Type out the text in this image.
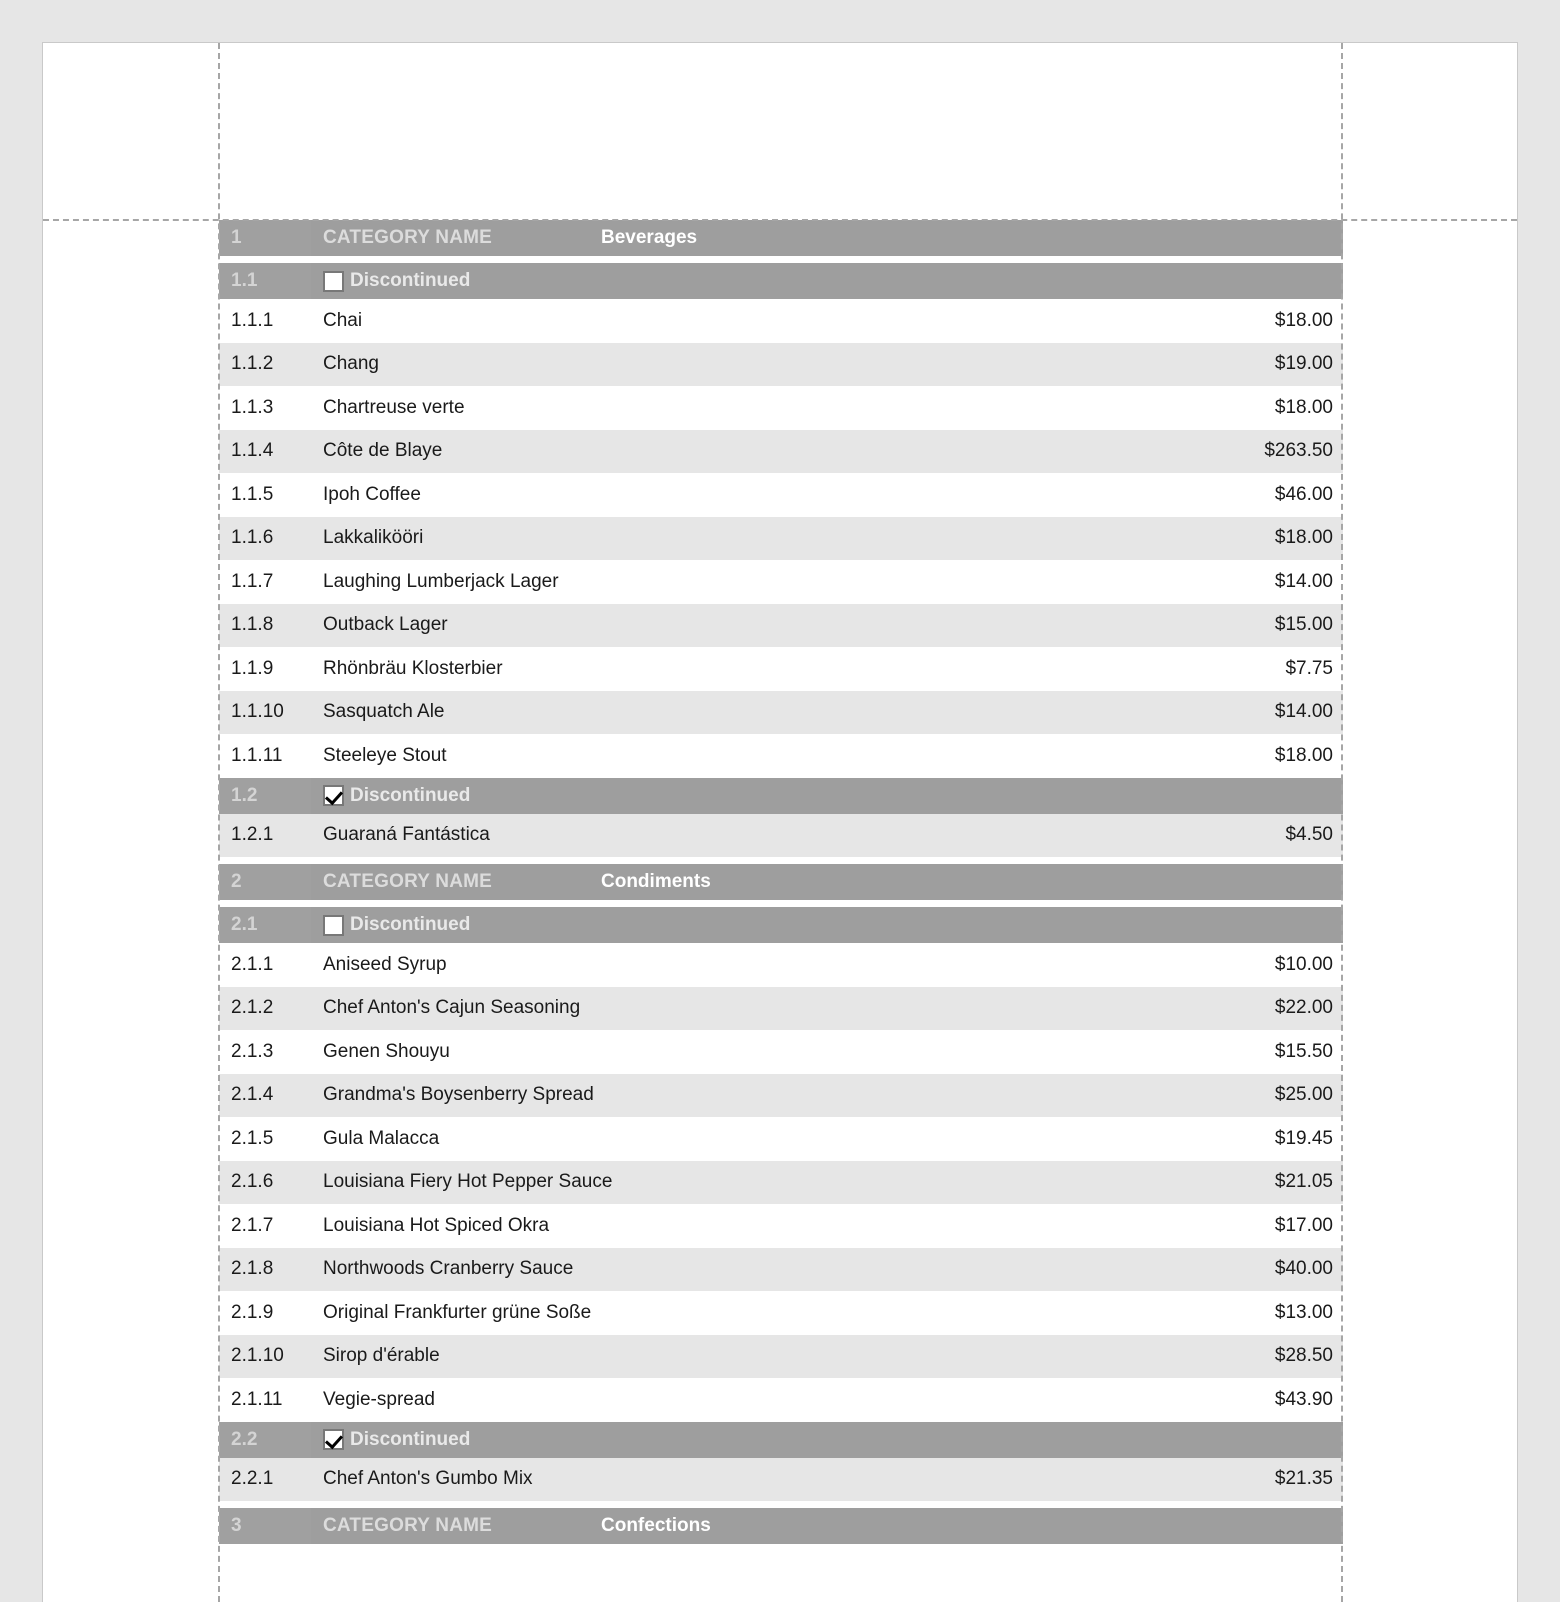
1	CATEGORY NAME	Beverages
1.1	Discontinued
1.1.1	Chai	$18.00
1.1.2	Chang	$19.00
1.1.3	Chartreuse verte	$18.00
1.1.4	Côte de Blaye	$263.50
1.1.5	Ipoh Coffee	$46.00
1.1.6	Lakkalikööri	$18.00
1.1.7	Laughing Lumberjack Lager	$14.00
1.1.8	Outback Lager	$15.00
1.1.9	Rhönbräu Klosterbier	$7.75
1.1.10	Sasquatch Ale	$14.00
1.1.11	Steeleye Stout	$18.00
1.2	Discontinued
1.2.1	Guaraná Fantástica	$4.50
2	CATEGORY NAME	Condiments
2.1	Discontinued
2.1.1	Aniseed Syrup	$10.00
2.1.2	Chef Anton's Cajun Seasoning	$22.00
2.1.3	Genen Shouyu	$15.50
2.1.4	Grandma's Boysenberry Spread	$25.00
2.1.5	Gula Malacca	$19.45
2.1.6	Louisiana Fiery Hot Pepper Sauce	$21.05
2.1.7	Louisiana Hot Spiced Okra	$17.00
2.1.8	Northwoods Cranberry Sauce	$40.00
2.1.9	Original Frankfurter grüne Soße	$13.00
2.1.10	Sirop d'érable	$28.50
2.1.11	Vegie-spread	$43.90
2.2	Discontinued
2.2.1	Chef Anton's Gumbo Mix	$21.35
3	CATEGORY NAME	Confections
